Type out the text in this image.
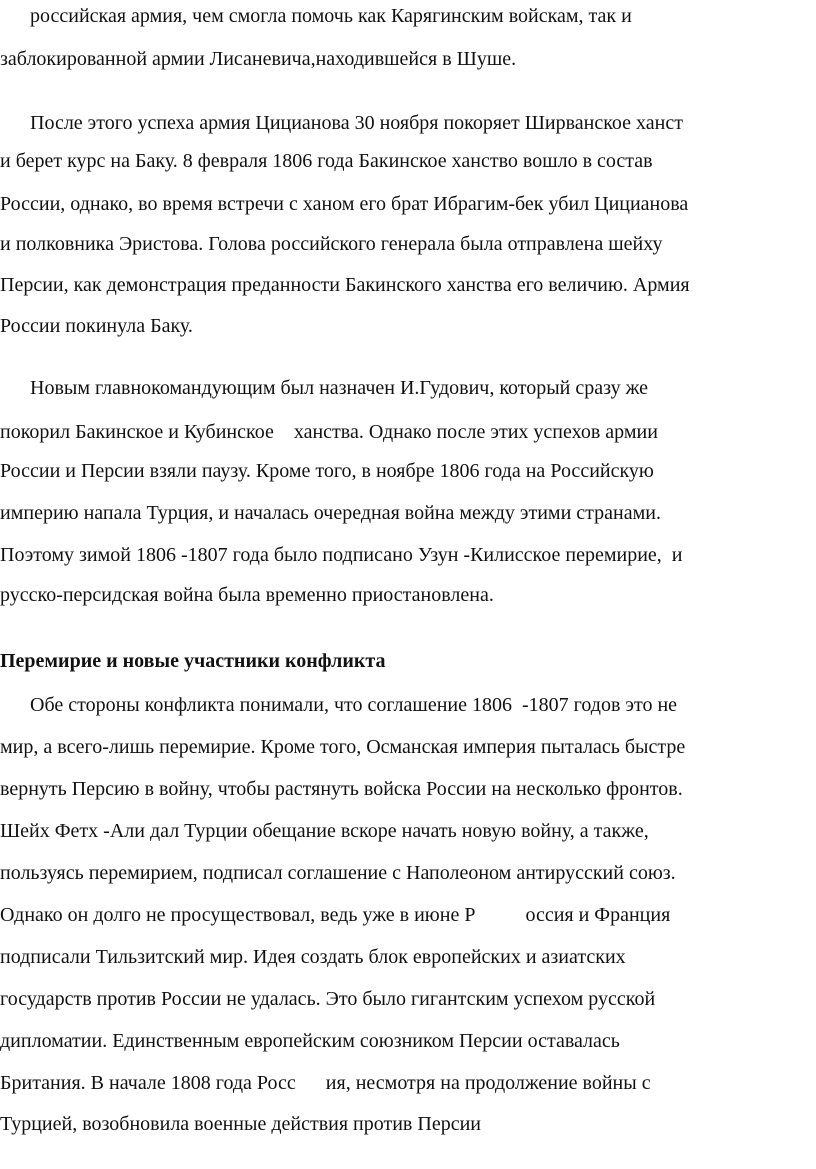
российская армия, чем смогла помочь как Карягинским войскам, так и

заблокированной армии Лисаневича,находившейся в Шуше.

После этого успеха армия Цицианова 30 ноября покоряет Ширванское ханст

и берет курс на Баку. 8 февраля 1806 года Бакинское ханство вошло в состав

России, однако, во время встречи с ханом его брат Ибрагим-бек убил Цицианова

и полковника Эристова. Голова российского генерала была отправлена шейху

Персии, как демонстрация преданности Бакинского ханства его величию. Армия

России покинула Баку.

Новым главнокомандующим был назначен И.Гудович, который сразу же

покорил Бакинское и Кубинское    ханства. Однако после этих успехов армии

России и Персии взяли паузу. Кроме того, в ноябре 1806 года на Российскую

империю напала Турция, и началась очередная война между этими странами.

Поэтому зимой 1806 -1807 года было подписано Узун -Килисское перемирие,  и

русско-персидская война была временно приостановлена.

Перемирие и новые участники конфликта

Обе стороны конфликта понимали, что соглашение 1806  -1807 годов это не

мир, а всего-лишь перемирие. Кроме того, Османская империя пыталась быстре

вернуть Персию в войну, чтобы растянуть войска России на несколько фронтов.

Шейх Фетх -Али дал Турции обещание вскоре начать новую войну, а также,

пользуясь перемирием, подписал соглашение с Наполеоном антирусский союз.

Однако он долго не просуществовал, ведь уже в июне Р          оссия и Франция

подписали Тильзитский мир. Идея создать блок европейских и азиатских

государств против России не удалась. Это было гигантским успехом русской

дипломатии. Единственным европейским союзником Персии оставалась

Британия. В начале 1808 года Росс      ия, несмотря на продолжение войны с

Турцией, возобновила военные действия против Персии
